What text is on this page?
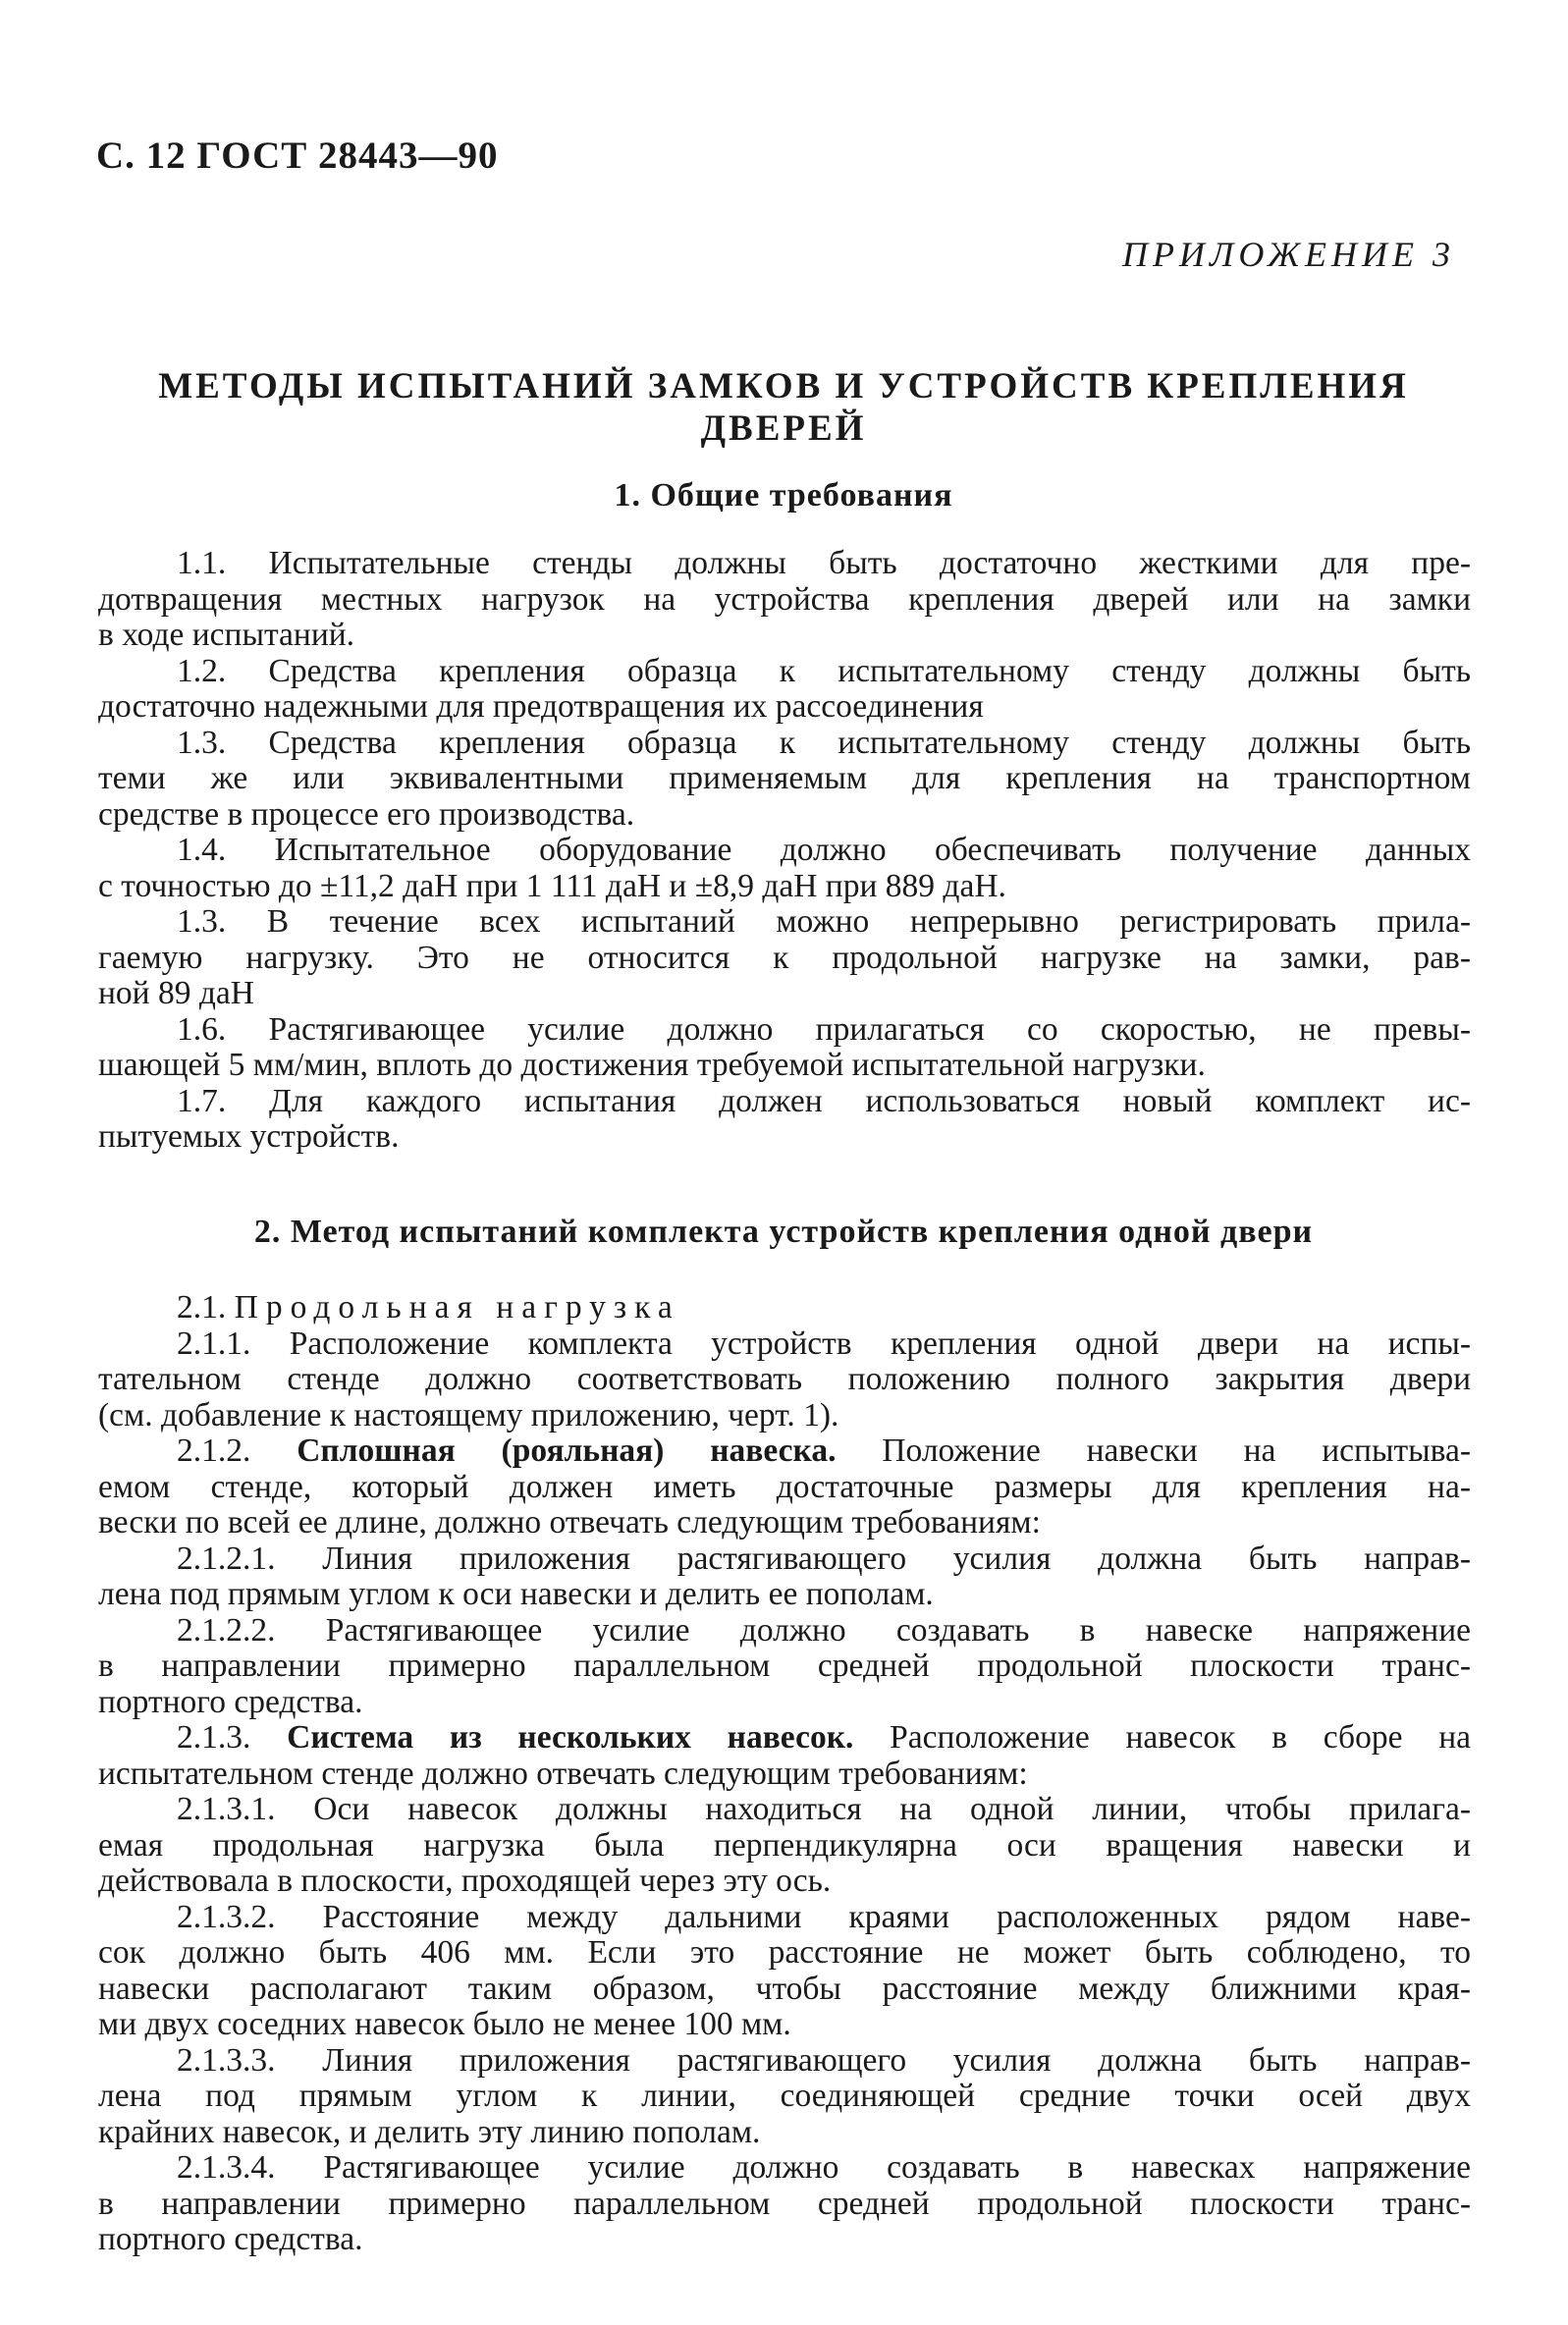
С. 12 ГОСТ 28443—90
ПРИЛОЖЕНИЕ 3
МЕТОДЫ ИСПЫТАНИЙ ЗАМКОВ И УСТРОЙСТВ КРЕПЛЕНИЯ ДВЕРЕЙ
1. Общие требования
1.1. Испытательные стенды должны быть достаточно жесткими для пре-
дотвращения местных нагрузок на устройства крепления дверей или на замки
в ходе испытаний.
1.2. Средства крепления образца к испытательному стенду должны быть
достаточно надежными для предотвращения их рассоединения
1.3. Средства крепления образца к испытательному стенду должны быть
теми же или эквивалентными применяемым для крепления на транспортном
средстве в процессе его производства.
1.4. Испытательное оборудование должно обеспечивать получение данных
с точностью до ±11,2 даН при 1 111 даН и ±8,9 даН при 889 даН.
1.3. В течение всех испытаний можно непрерывно регистрировать прила-
гаемую нагрузку. Это не относится к продольной нагрузке на замки, рав-
ной 89 даН
1.6. Растягивающее усилие должно прилагаться со скоростью, не превы-
шающей 5 мм/мин, вплоть до достижения требуемой испытательной нагрузки.
1.7. Для каждого испытания должен использоваться новый комплект ис-
пытуемых устройств.
2. Метод испытаний комплекта устройств крепления одной двери
2.1. Продольная нагрузка
2.1.1. Расположение комплекта устройств крепления одной двери на испы-
тательном стенде должно соответствовать положению полного закрытия двери
(см. добавление к настоящему приложению, черт. 1).
2.1.2. Сплошная (рояльная) навеска. Положение навески на испытыва-
емом стенде, который должен иметь достаточные размеры для крепления на-
вески по всей ее длине, должно отвечать следующим требованиям:
2.1.2.1. Линия приложения растягивающего усилия должна быть направ-
лена под прямым углом к оси навески и делить ее пополам.
2.1.2.2. Растягивающее усилие должно создавать в навеске напряжение
в направлении примерно параллельном средней продольной плоскости транс-
портного средства.
2.1.3. Система из нескольких навесок. Расположение навесок в сборе на
испытательном стенде должно отвечать следующим требованиям:
2.1.3.1. Оси навесок должны находиться на одной линии, чтобы прилага-
емая продольная нагрузка была перпендикулярна оси вращения навески и
действовала в плоскости, проходящей через эту ось.
2.1.3.2. Расстояние между дальними краями расположенных рядом наве-
сок должно быть 406 мм. Если это расстояние не может быть соблюдено, то
навески располагают таким образом, чтобы расстояние между ближними края-
ми двух соседних навесок было не менее 100 мм.
2.1.3.3. Линия приложения растягивающего усилия должна быть направ-
лена под прямым углом к линии, соединяющей средние точки осей двух
крайних навесок, и делить эту линию пополам.
2.1.3.4. Растягивающее усилие должно создавать в навесках напряжение
в направлении примерно параллельном средней продольной плоскости транс-
портного средства.
